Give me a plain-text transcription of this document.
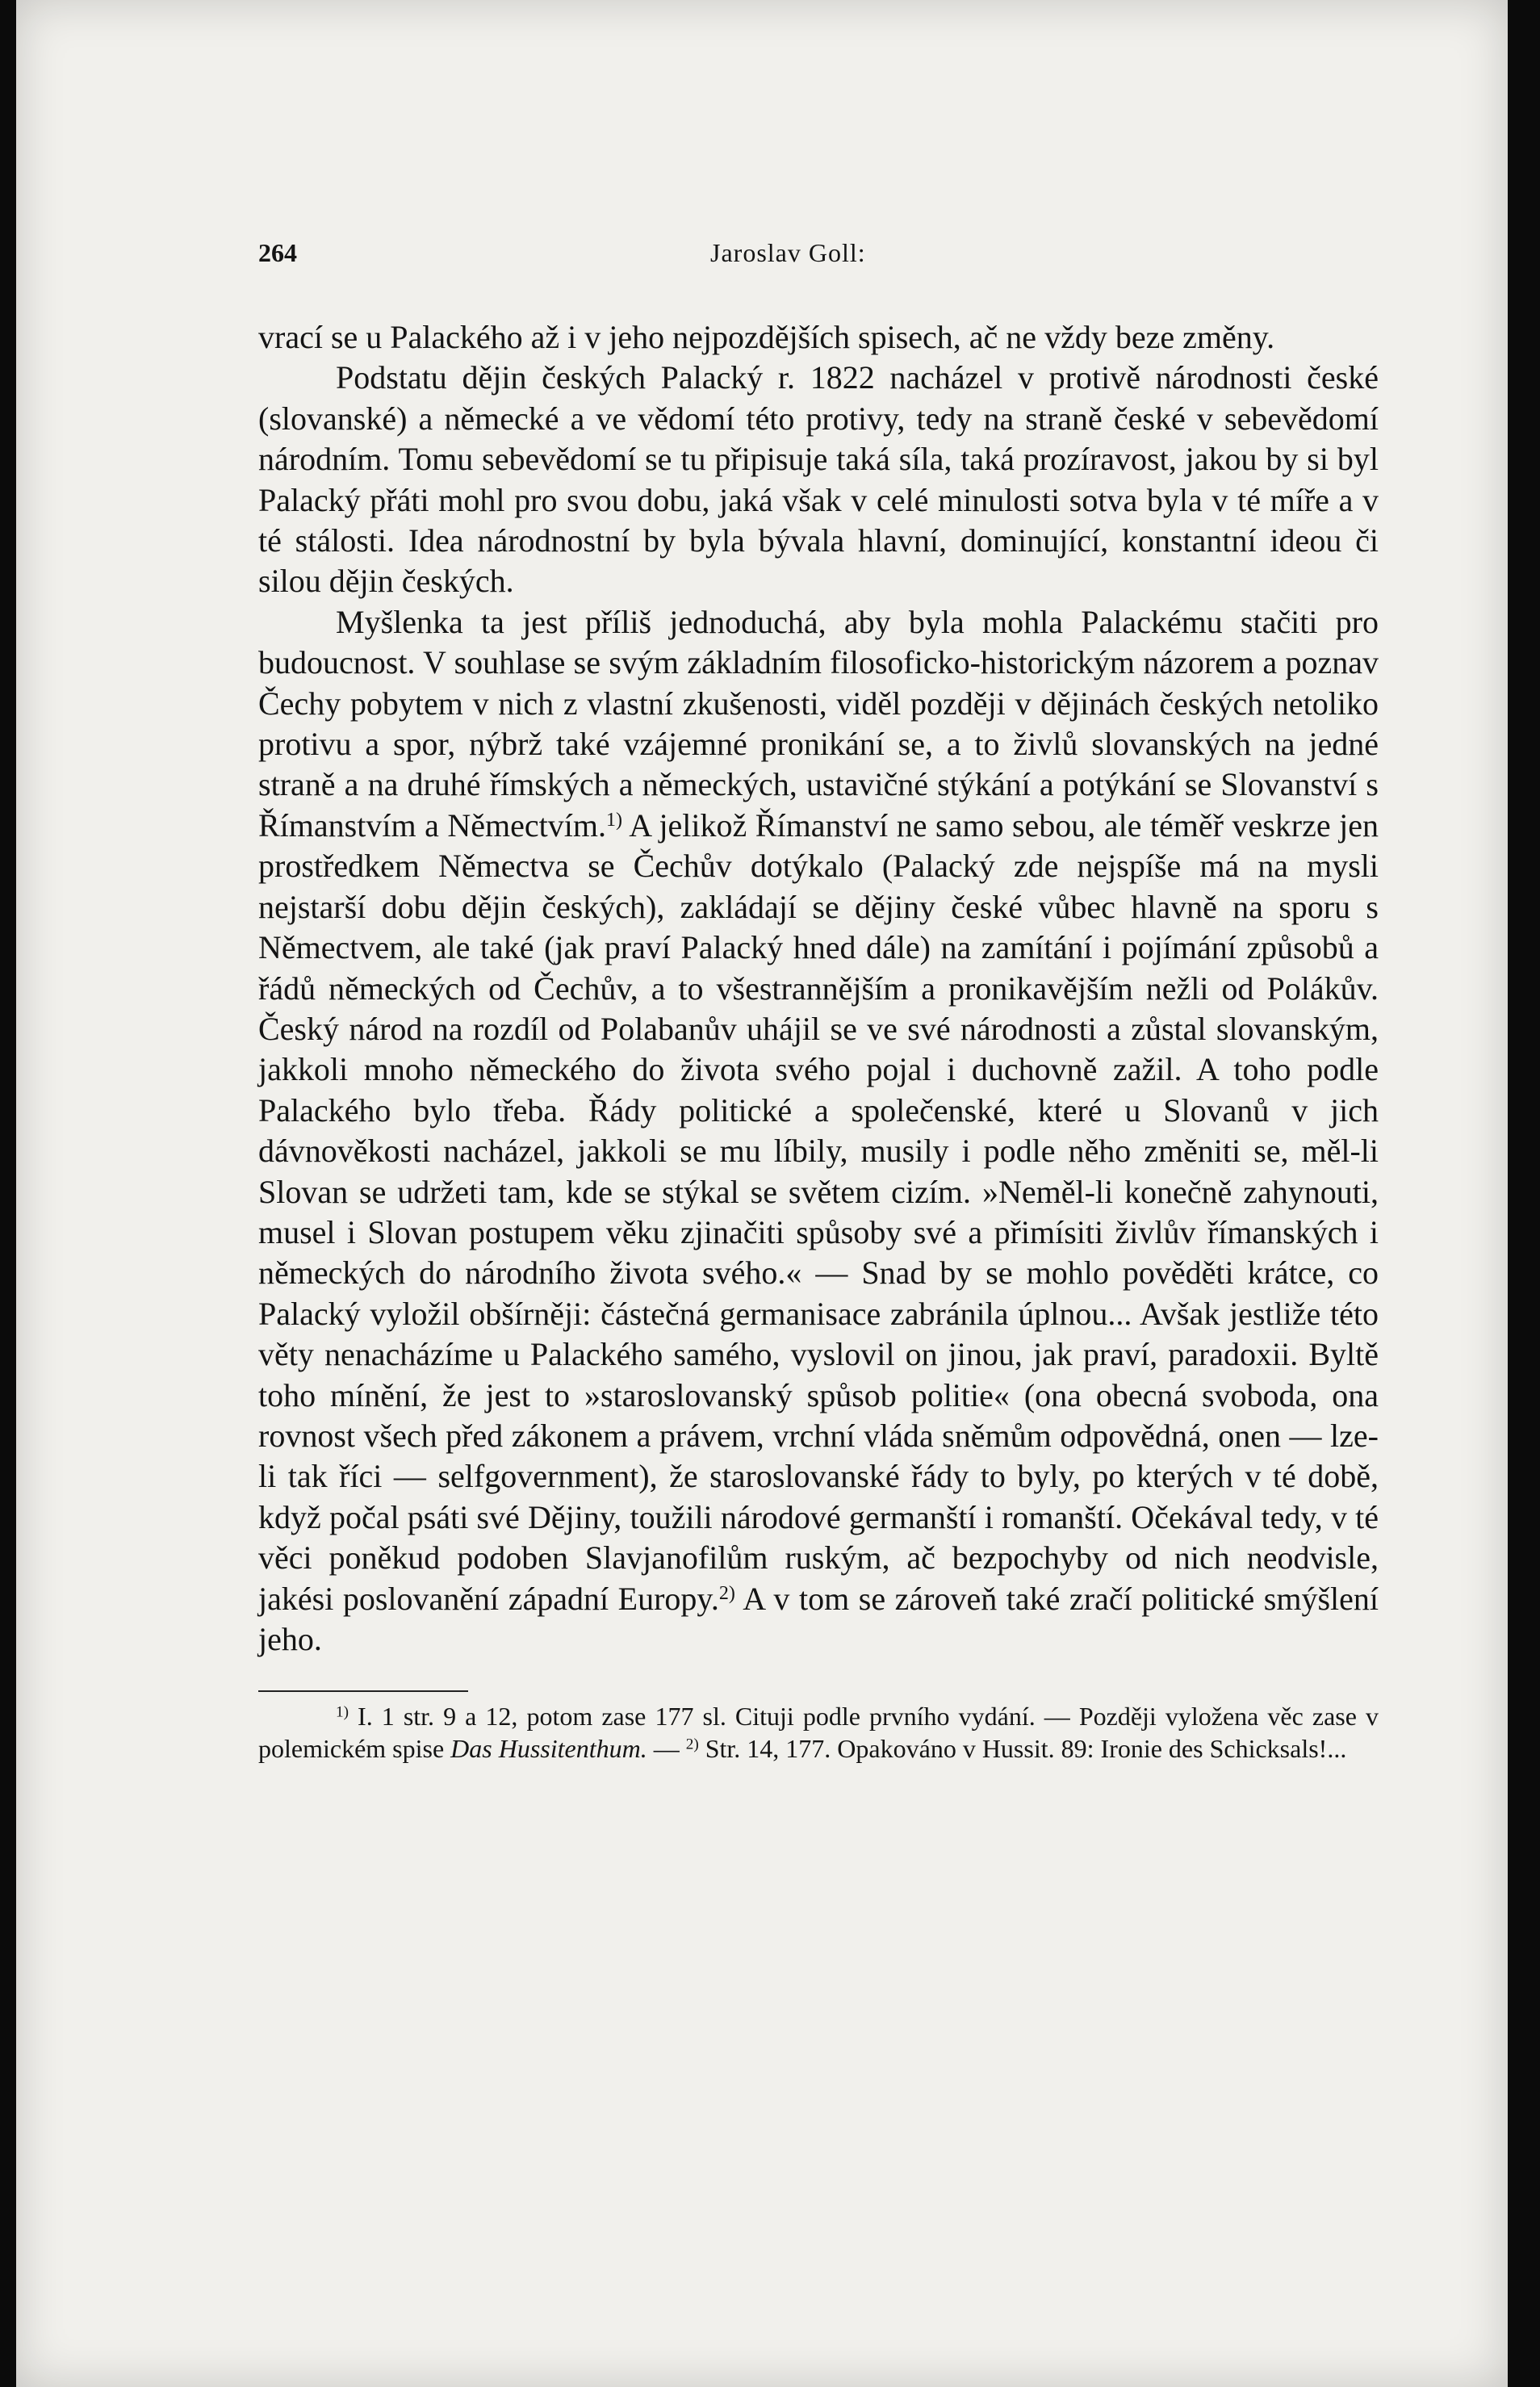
264	Jaroslav Goll:

vrací se u Palackého až i v jeho nejpozdějších spisech, ač ne vždy beze změny.

Podstatu dějin českých Palacký r. 1822 nacházel v protivě národnosti české (slovanské) a německé a ve vědomí této protivy, tedy na straně české v sebevědomí národním. Tomu sebevědomí se tu připisuje taká síla, taká prozíravost, jakou by si byl Palacký přáti mohl pro svou dobu, jaká však v celé minulosti sotva byla v té míře a v té stálosti. Idea národnostní by byla bývala hlavní, dominující, konstantní ideou či silou dějin českých.

Myšlenka ta jest příliš jednoduchá, aby byla mohla Palackému stačiti pro budoucnost. V souhlase se svým základním filosoficko-historickým názorem a poznav Čechy pobytem v nich z vlastní zkušenosti, viděl později v dějinách českých netoliko protivu a spor, nýbrž také vzájemné pronikání se, a to živlů slovanských na jedné straně a na druhé římských a německých, ustavičné stýkání a potýkání se Slovanství s Římanstvím a Němectvím.$^{1)}$ A jelikož Římanství ne samo sebou, ale téměř veskrze jen prostředkem Němectva se Čechův dotýkalo (Palacký zde nejspíše má na mysli nejstarší dobu dějin českých), zakládají se dějiny české vůbec hlavně na sporu s Němectvem, ale také (jak praví Palacký hned dále) na zamítání i pojímání způsobů a řádů německých od Čechův, a to všestrannějším a pronikavějším nežli od Polákův. Český národ na rozdíl od Polabanův uhájil se ve své národnosti a zůstal slovanským, jakkoli mnoho německého do života svého pojal i duchovně zažil. A toho podle Palackého bylo třeba. Řády politické a společenské, které u Slovanů v jich dávnověkosti nacházel, jakkoli se mu líbily, musily i podle něho změniti se, měl-li Slovan se udržeti tam, kde se stýkal se světem cizím. »Neměl-li konečně zahynouti, musel i Slovan postupem věku zjinačiti spůsoby své a přimísiti živlův římanských i německých do národního života svého.« — Snad by se mohlo pověděti krátce, co Palacký vyložil obšírněji: částečná germanisace zabránila úplnou... Avšak jestliže této věty nenacházíme u Palackého samého, vyslovil on jinou, jak praví, paradoxii. Byltě toho mínění, že jest to »staroslovanský spůsob politie« (ona obecná svoboda, ona rovnost všech před zákonem a právem, vrchní vláda sněmům odpovědná, onen — lze-li tak říci — selfgovernment), že staroslovanské řády to byly, po kterých v té době, když počal psáti své Dějiny, toužili národové germanští i romanští. Očekával tedy, v té věci poněkud podoben Slavjanofilům ruským, ač bezpochyby od nich neodvisle, jakési poslovanění západní Europy.$^{2)}$ A v tom se zároveň také zračí politické smýšlení jeho.

$^{1)}$ I. 1 str. 9 a 12, potom zase 177 sl. Cituji podle prvního vydání. — Později vyložena věc zase v polemickém spise Das Hussitenthum. — $^{2)}$ Str. 14, 177. Opakováno v Hussit. 89: Ironie des Schicksals!...
